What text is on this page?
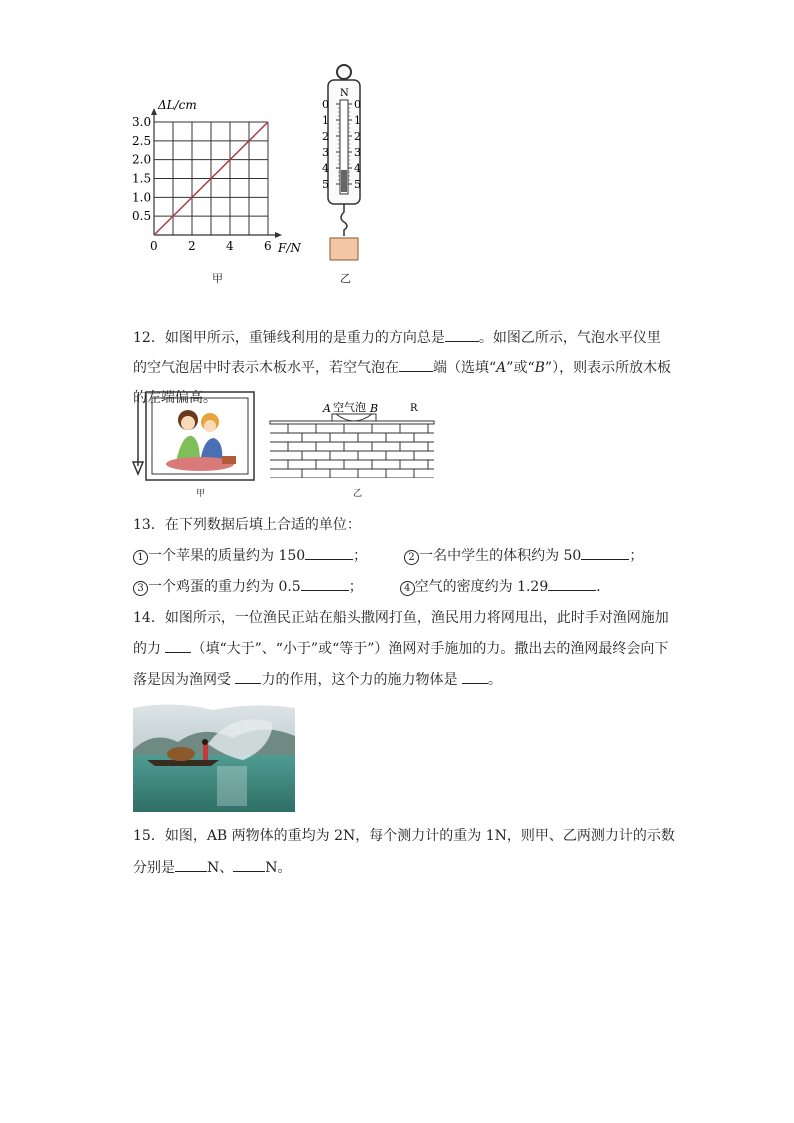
0	2	4	6
0.5
1.0
1.5
2.0
2.5
3.0
ΔL/cm
F/N
甲
N
0 0
1 1
2 2
3 3
4 4
5 5
乙
12．如图甲所示，重锤线利用的是重力的方向总是 。如图乙所示，气泡水平仪里
的空气泡居中时表示木板水平，若空气泡在 端（选填“A”或“B”），则表示所放木板
的左端偏高。
甲
A 空气泡 B	R
乙
13．在下列数据后填上合适的单位：
1 一个苹果的质量约为 150	；	2 一名中学生的体积约为 50	；
3 一个鸡蛋的重力约为 0.5	；	4 空气的密度约为 1.29	．
14．如图所示，一位渔民正站在船头撒网打鱼，渔民用力将网甩出，此时手对渔网施加
的力 （填“大于”、“小于”或“等于”）渔网对手施加的力。撒出去的渔网最终会向下
落是因为渔网受 力的作用，这个力的施力物体是 。
15．如图，AB 两物体的重均为 2N，每个测力计的重为 1N，则甲、乙两测力计的示数
分别是 N、 N。
